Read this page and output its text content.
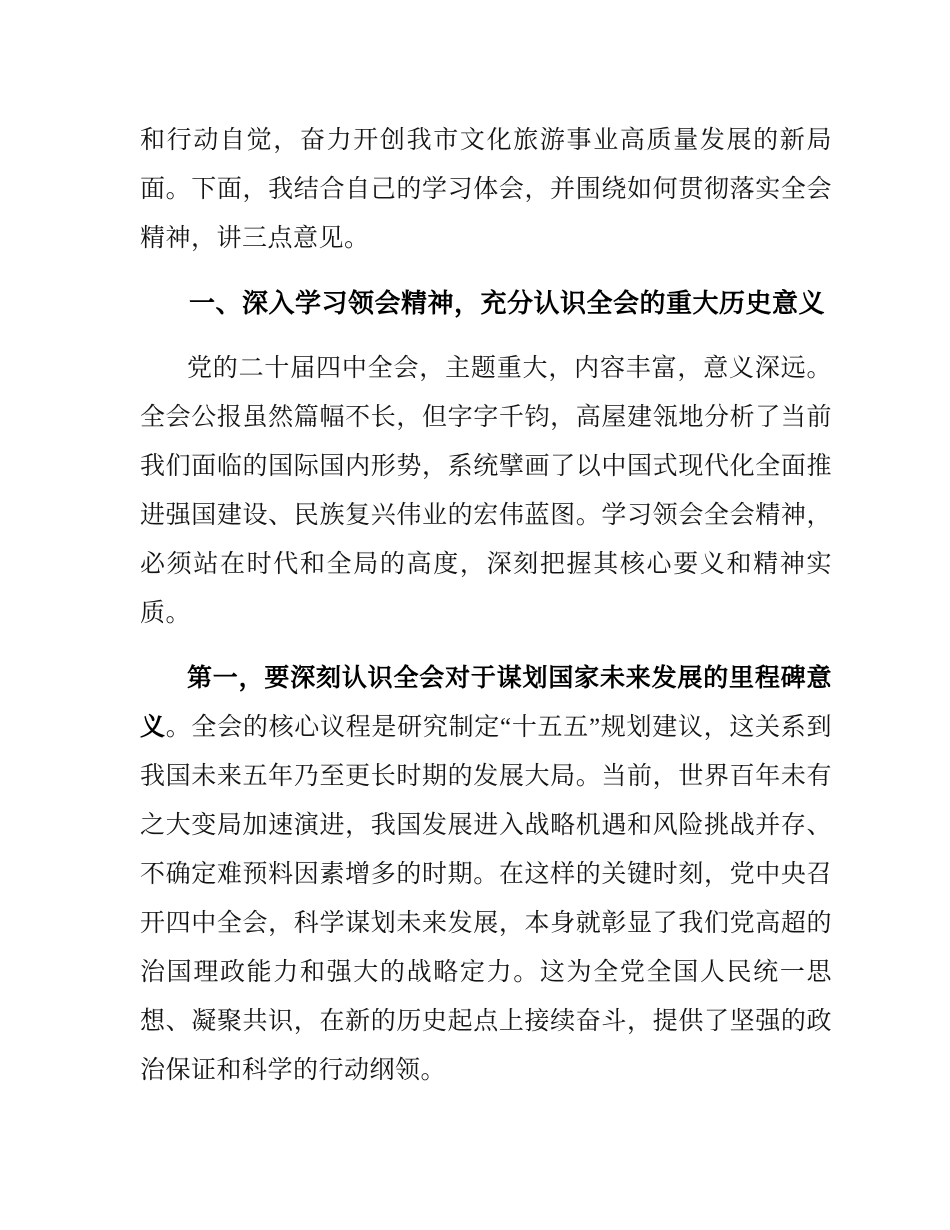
和行动自觉，奋力开创我市文化旅游事业高质量发展的新局面。下面，我结合自己的学习体会，并围绕如何贯彻落实全会精神，讲三点意见。

一、深入学习领会精神，充分认识全会的重大历史意义

党的二十届四中全会，主题重大，内容丰富，意义深远。全会公报虽然篇幅不长，但字字千钧，高屋建瓴地分析了当前我们面临的国际国内形势，系统擘画了以中国式现代化全面推进强国建设、民族复兴伟业的宏伟蓝图。学习领会全会精神，必须站在时代和全局的高度，深刻把握其核心要义和精神实质。

第一，要深刻认识全会对于谋划国家未来发展的里程碑意义。全会的核心议程是研究制定“十五五”规划建议，这关系到我国未来五年乃至更长时期的发展大局。当前，世界百年未有之大变局加速演进，我国发展进入战略机遇和风险挑战并存、不确定难预料因素增多的时期。在这样的关键时刻，党中央召开四中全会，科学谋划未来发展，本身就彰显了我们党高超的治国理政能力和强大的战略定力。这为全党全国人民统一思想、凝聚共识，在新的历史起点上接续奋斗，提供了坚强的政治保证和科学的行动纲领。
